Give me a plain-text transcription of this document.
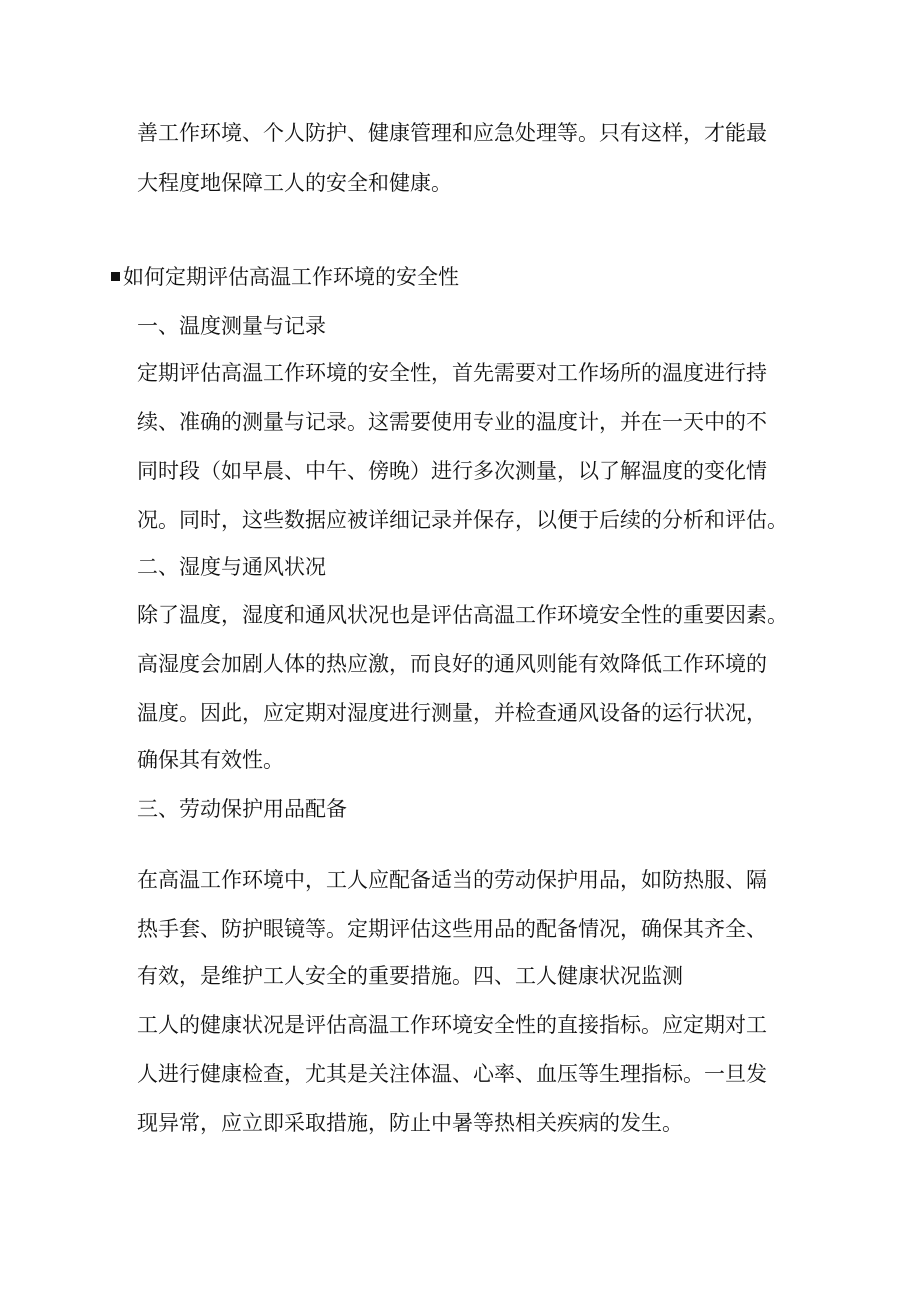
善工作环境、个人防护、健康管理和应急处理等。只有这样，才能最
大程度地保障工人的安全和健康。
如何定期评估高温工作环境的安全性
一、温度测量与记录
定期评估高温工作环境的安全性，首先需要对工作场所的温度进行持
续、准确的测量与记录。这需要使用专业的温度计，并在一天中的不
同时段（如早晨、中午、傍晚）进行多次测量，以了解温度的变化情
况。同时，这些数据应被详细记录并保存，以便于后续的分析和评估。
二、湿度与通风状况
除了温度，湿度和通风状况也是评估高温工作环境安全性的重要因素。
高湿度会加剧人体的热应激，而良好的通风则能有效降低工作环境的
温度。因此，应定期对湿度进行测量，并检查通风设备的运行状况，
确保其有效性。
三、劳动保护用品配备
在高温工作环境中，工人应配备适当的劳动保护用品，如防热服、隔
热手套、防护眼镜等。定期评估这些用品的配备情况，确保其齐全、
有效，是维护工人安全的重要措施。四、工人健康状况监测
工人的健康状况是评估高温工作环境安全性的直接指标。应定期对工
人进行健康检查，尤其是关注体温、心率、血压等生理指标。一旦发
现异常，应立即采取措施，防止中暑等热相关疾病的发生。
